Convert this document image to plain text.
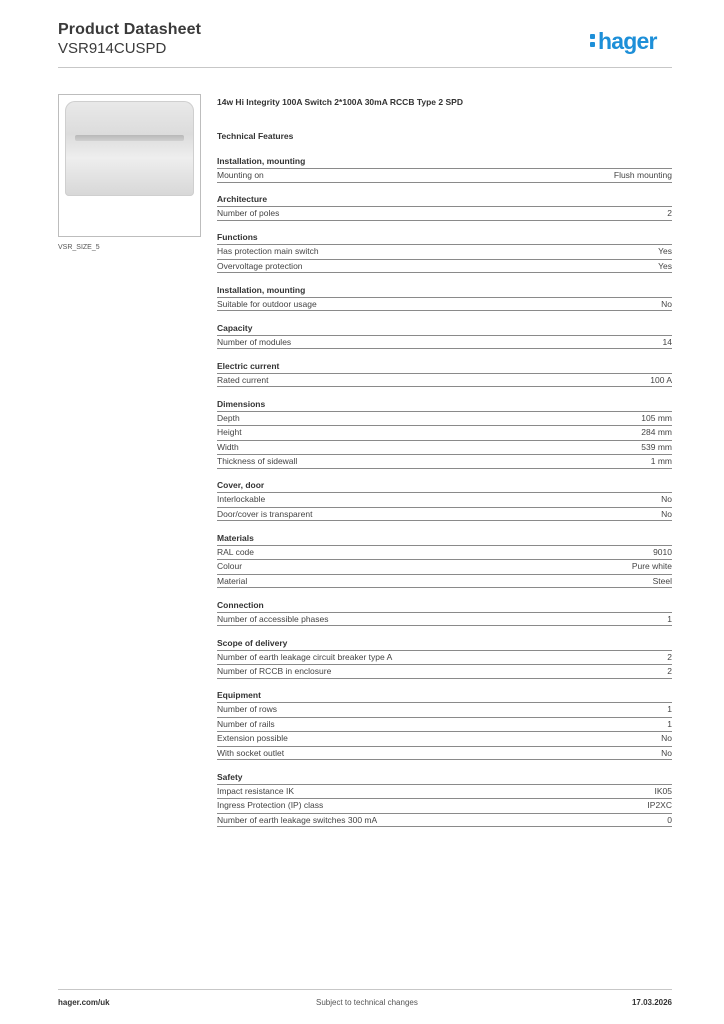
Product Datasheet
VSR914CUSPD	hager
VSR_SIZE_5
14w Hi Integrity 100A Switch 2*100A 30mA RCCB Type 2 SPD
Technical Features
Installation, mounting
Mounting on	Flush mounting
Architecture
Number of poles	2
Functions
Has protection main switch	Yes
Overvoltage protection	Yes
Installation, mounting
Suitable for outdoor usage	No
Capacity
Number of modules	14
Electric current
Rated current	100 A
Dimensions
Depth	105 mm
Height	284 mm
Width	539 mm
Thickness of sidewall	1 mm
Cover, door
Interlockable	No
Door/cover is transparent	No
Materials
RAL code	9010
Colour	Pure white
Material	Steel
Connection
Number of accessible phases	1
Scope of delivery
Number of earth leakage circuit breaker type A	2
Number of RCCB in enclosure	2
Equipment
Number of rows	1
Number of rails	1
Extension possible	No
With socket outlet	No
Safety
Impact resistance IK	IK05
Ingress Protection (IP) class	IP2XC
Number of earth leakage switches 300 mA	0
hager.com/uk	Subject to technical changes	17.03.2026
